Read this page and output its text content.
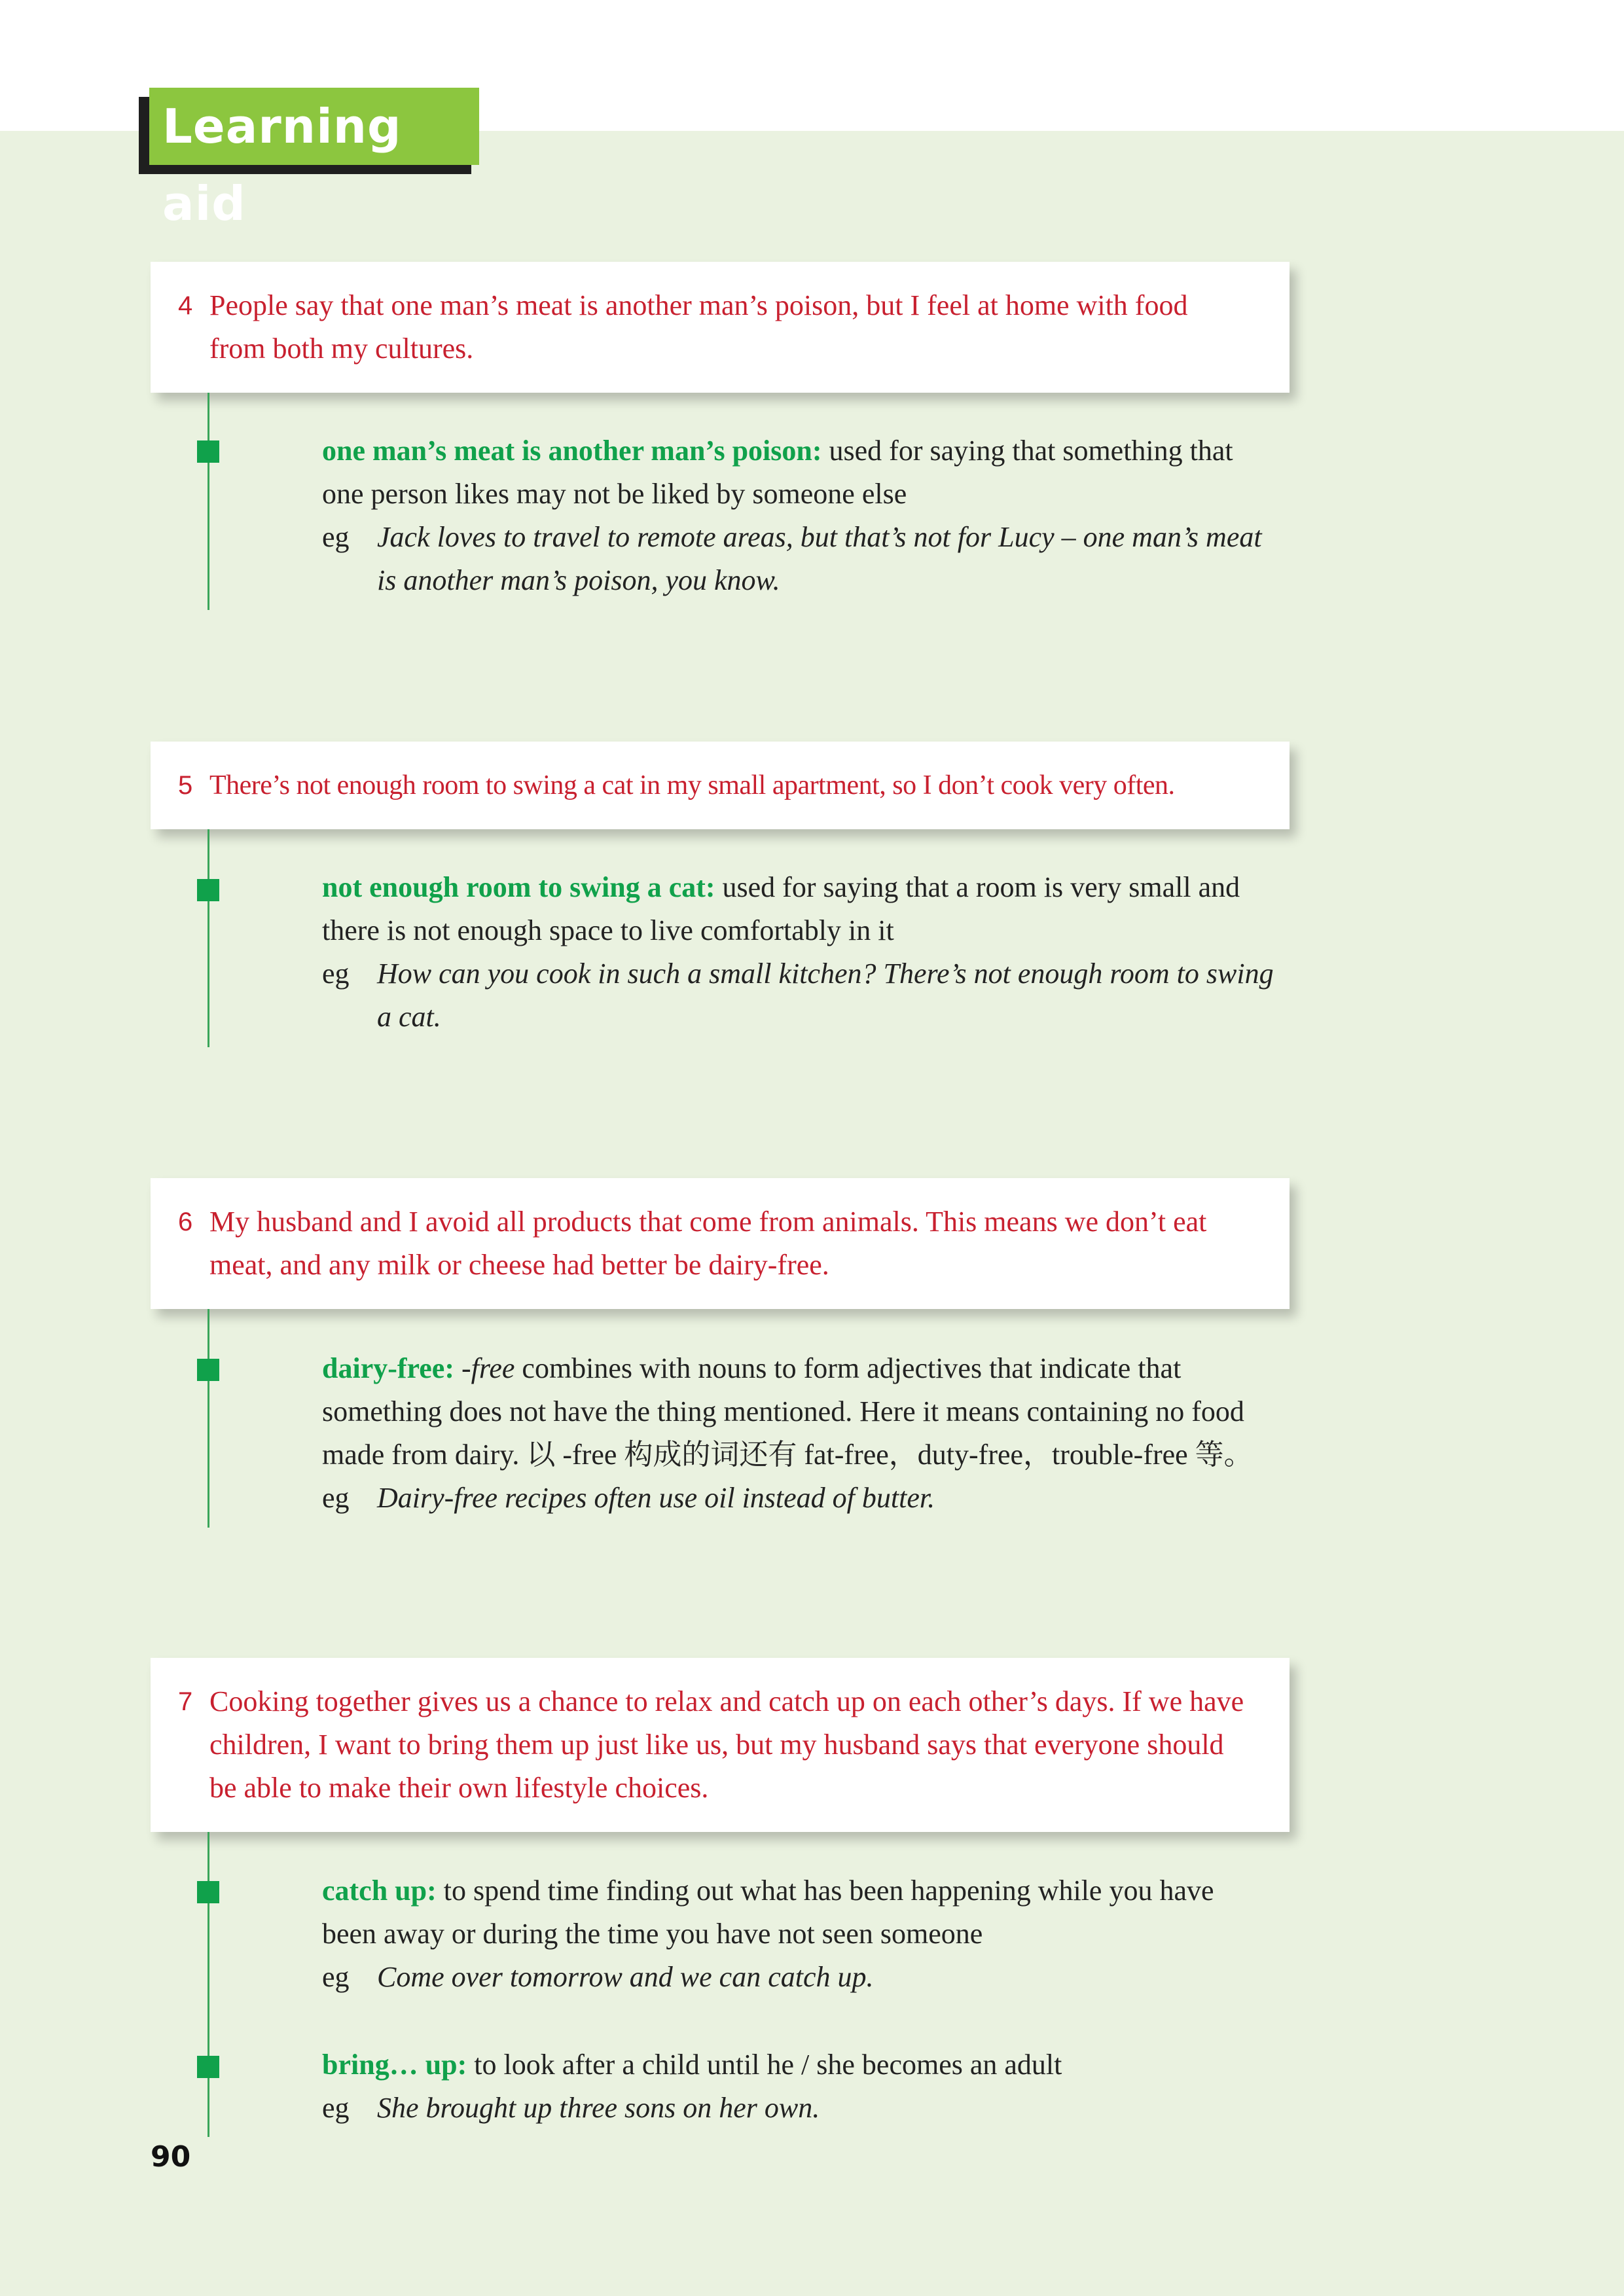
Learning aid
4 People say that one man’s meat is another man’s poison, but I feel at home with food from both my cultures.
one man’s meat is another man’s poison: used for saying that something that one person likes may not be liked by someone else
eg Jack loves to travel to remote areas, but that’s not for Lucy – one man’s meat is another man’s poison, you know.
5 There’s not enough room to swing a cat in my small apartment, so I don’t cook very often.
not enough room to swing a cat: used for saying that a room is very small and there is not enough space to live comfortably in it
eg How can you cook in such a small kitchen? There’s not enough room to swing a cat.
6 My husband and I avoid all products that come from animals. This means we don’t eat meat, and any milk or cheese had better be dairy-free.
dairy-free: -free combines with nouns to form adjectives that indicate that something does not have the thing mentioned. Here it means containing no food made from dairy. 以 -free 构成的词还有 fat-free，duty-free，trouble-free 等。
eg Dairy-free recipes often use oil instead of butter.
7 Cooking together gives us a chance to relax and catch up on each other’s days. If we have children, I want to bring them up just like us, but my husband says that everyone should be able to make their own lifestyle choices.
catch up: to spend time finding out what has been happening while you have been away or during the time you have not seen someone
eg Come over tomorrow and we can catch up.
bring… up: to look after a child until he / she becomes an adult
eg She brought up three sons on her own.
90
